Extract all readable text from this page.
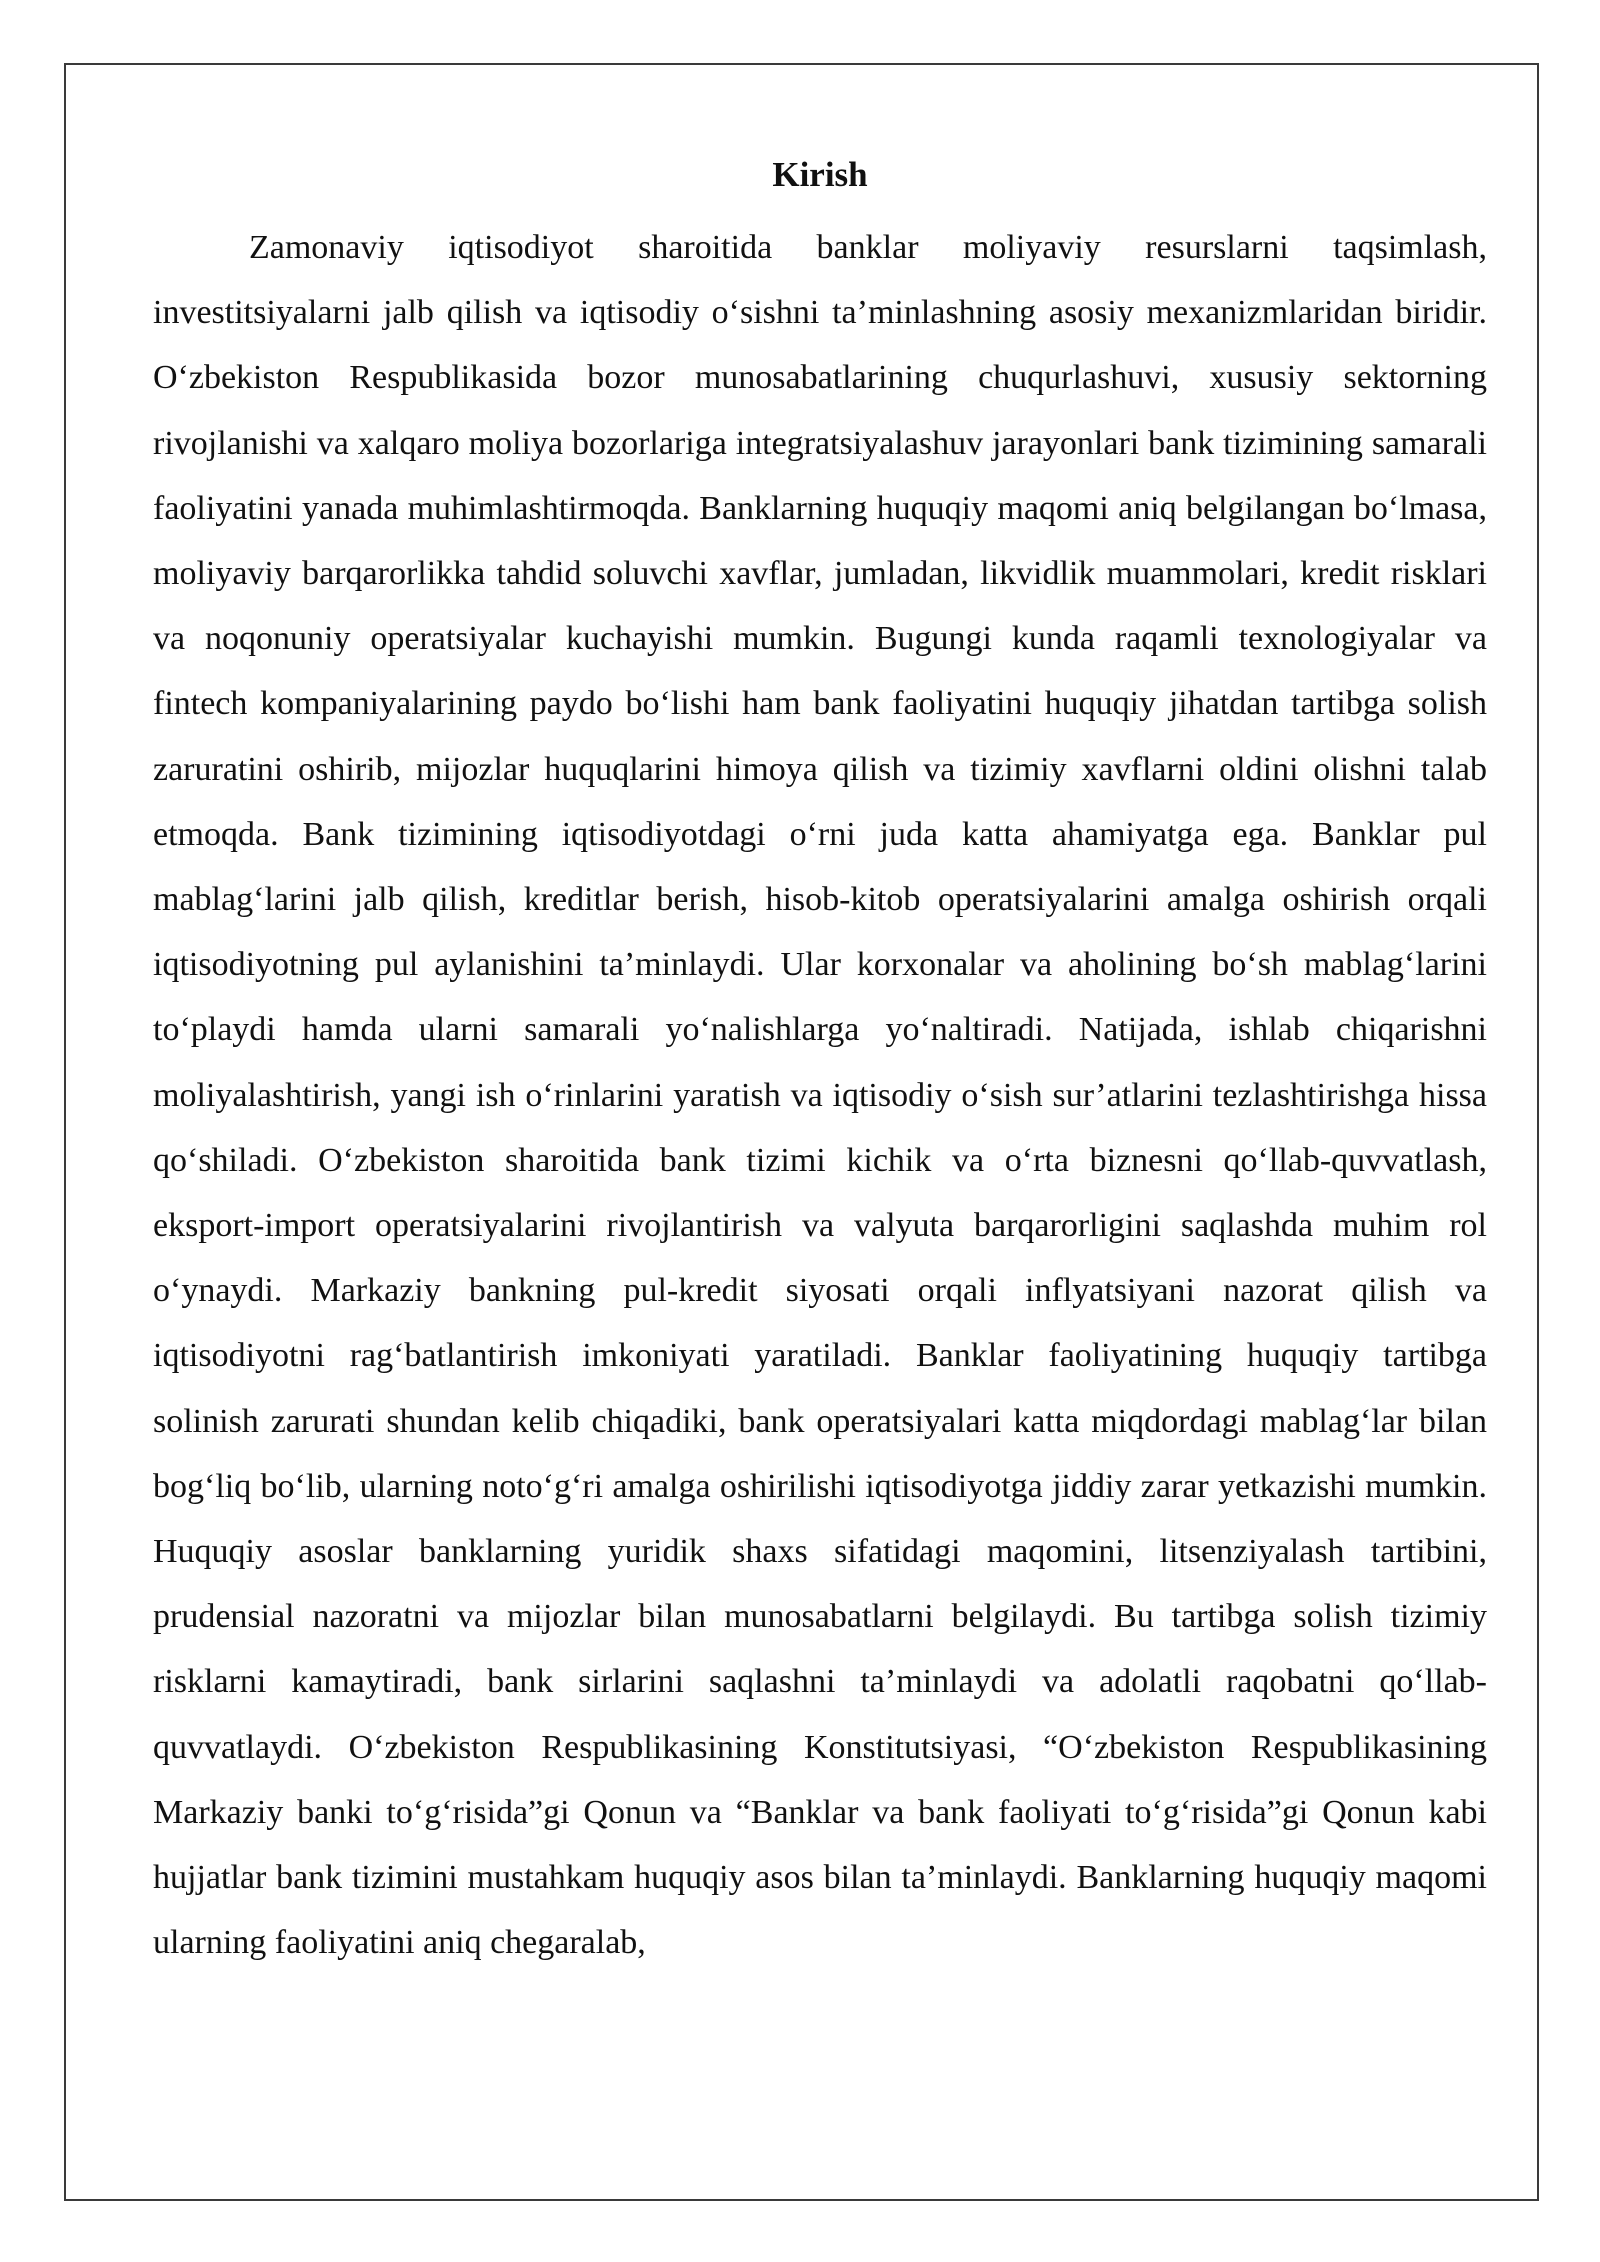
Kirish

Zamonaviy iqtisodiyot sharoitida banklar moliyaviy resurslarni taqsimlash, investitsiyalarni jalb qilish va iqtisodiy o‘sishni ta’minlashning asosiy mexanizmlaridan biridir. O‘zbekiston Respublikasida bozor munosabatlarining chuqurlashuvi, xususiy sektorning rivojlanishi va xalqaro moliya bozorlariga integratsiyalashuv jarayonlari bank tizimining samarali faoliyatini yanada muhimlashtirmoqda. Banklarning huquqiy maqomi aniq belgilangan bo‘lmasa, moliyaviy barqarorlikka tahdid soluvchi xavflar, jumladan, likvidlik muammolari, kredit risklari va noqonuniy operatsiyalar kuchayishi mumkin. Bugungi kunda raqamli texnologiyalar va fintech kompaniyalarining paydo bo‘lishi ham bank faoliyatini huquqiy jihatdan tartibga solish zaruratini oshirib, mijozlar huquqlarini himoya qilish va tizimiy xavflarni oldini olishni talab etmoqda. Bank tizimining iqtisodiyotdagi o‘rni juda katta ahamiyatga ega. Banklar pul mablag‘larini jalb qilish, kreditlar berish, hisob-kitob operatsiyalarini amalga oshirish orqali iqtisodiyotning pul aylanishini ta’minlaydi. Ular korxonalar va aholining bo‘sh mablag‘larini to‘playdi hamda ularni samarali yo‘nalishlarga yo‘naltiradi. Natijada, ishlab chiqarishni moliyalashtirish, yangi ish o‘rinlarini yaratish va iqtisodiy o‘sish sur’atlarini tezlashtirishga hissa qo‘shiladi. O‘zbekiston sharoitida bank tizimi kichik va o‘rta biznesni qo‘llab-quvvatlash, eksport-import operatsiyalarini rivojlantirish va valyuta barqarorligini saqlashda muhim rol o‘ynaydi. Markaziy bankning pul-kredit siyosati orqali inflyatsiyani nazorat qilish va iqtisodiyotni rag‘batlantirish imkoniyati yaratiladi. Banklar faoliyatining huquqiy tartibga solinish zarurati shundan kelib chiqadiki, bank operatsiyalari katta miqdordagi mablag‘lar bilan bog‘liq bo‘lib, ularning noto‘g‘ri amalga oshirilishi iqtisodiyotga jiddiy zarar yetkazishi mumkin. Huquqiy asoslar banklarning yuridik shaxs sifatidagi maqomini, litsenziyalash tartibini, prudensial nazoratni va mijozlar bilan munosabatlarni belgilaydi. Bu tartibga solish tizimiy risklarni kamaytiradi, bank sirlarini saqlashni ta’minlaydi va adolatli raqobatni qo‘llab-quvvatlaydi. O‘zbekiston Respublikasining Konstitutsiyasi, “O‘zbekiston Respublikasining Markaziy banki to‘g‘risida”gi Qonun va “Banklar va bank faoliyati to‘g‘risida”gi Qonun kabi hujjatlar bank tizimini mustahkam huquqiy asos bilan ta’minlaydi. Banklarning huquqiy maqomi ularning faoliyatini aniq chegaralab,
